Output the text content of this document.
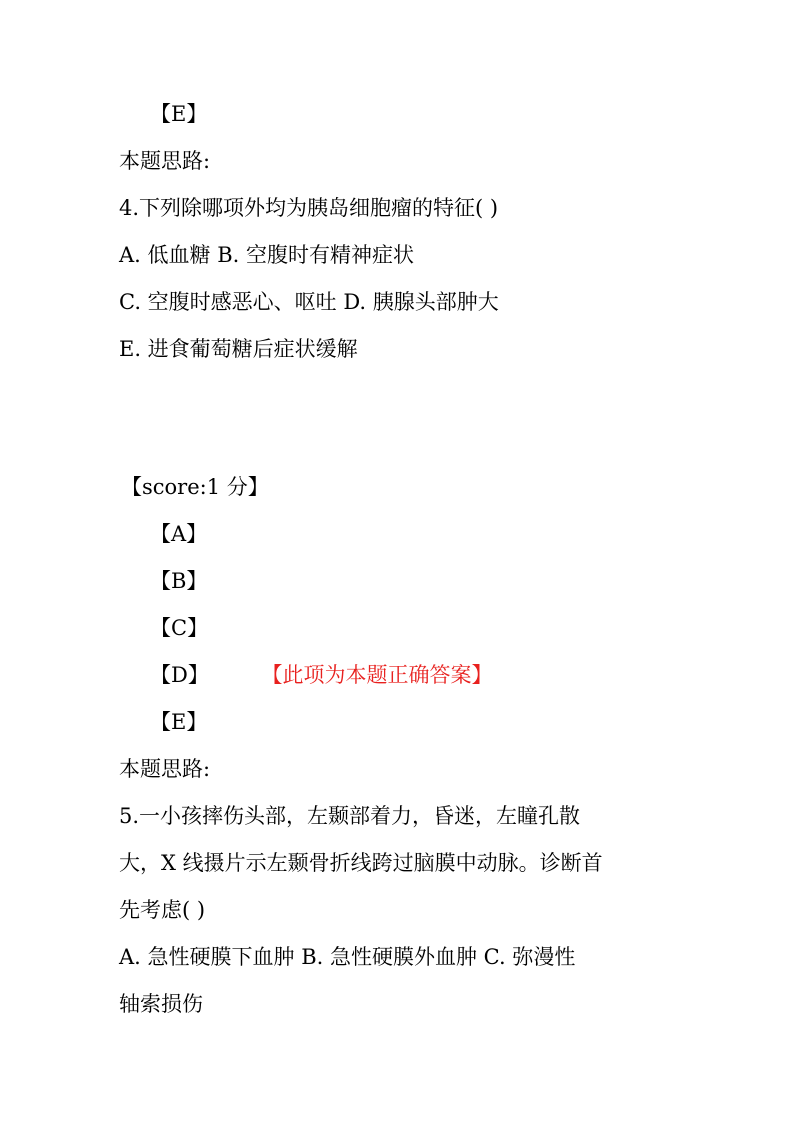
【E】
本题思路:
4.下列除哪项外均为胰岛细胞瘤的特征( )
A. 低血糖 B. 空腹时有精神症状
C. 空腹时感恶心、呕吐 D. 胰腺头部肿大
E. 进食葡萄糖后症状缓解
【score:1 分】
【A】
【B】
【C】
【D】	【此项为本题正确答案】
【E】
本题思路:
5.一小孩摔伤头部，左颞部着力，昏迷，左瞳孔散
大，X 线摄片示左颞骨折线跨过脑膜中动脉。诊断首
先考虑( )
A. 急性硬膜下血肿 B. 急性硬膜外血肿 C. 弥漫性
轴索损伤
